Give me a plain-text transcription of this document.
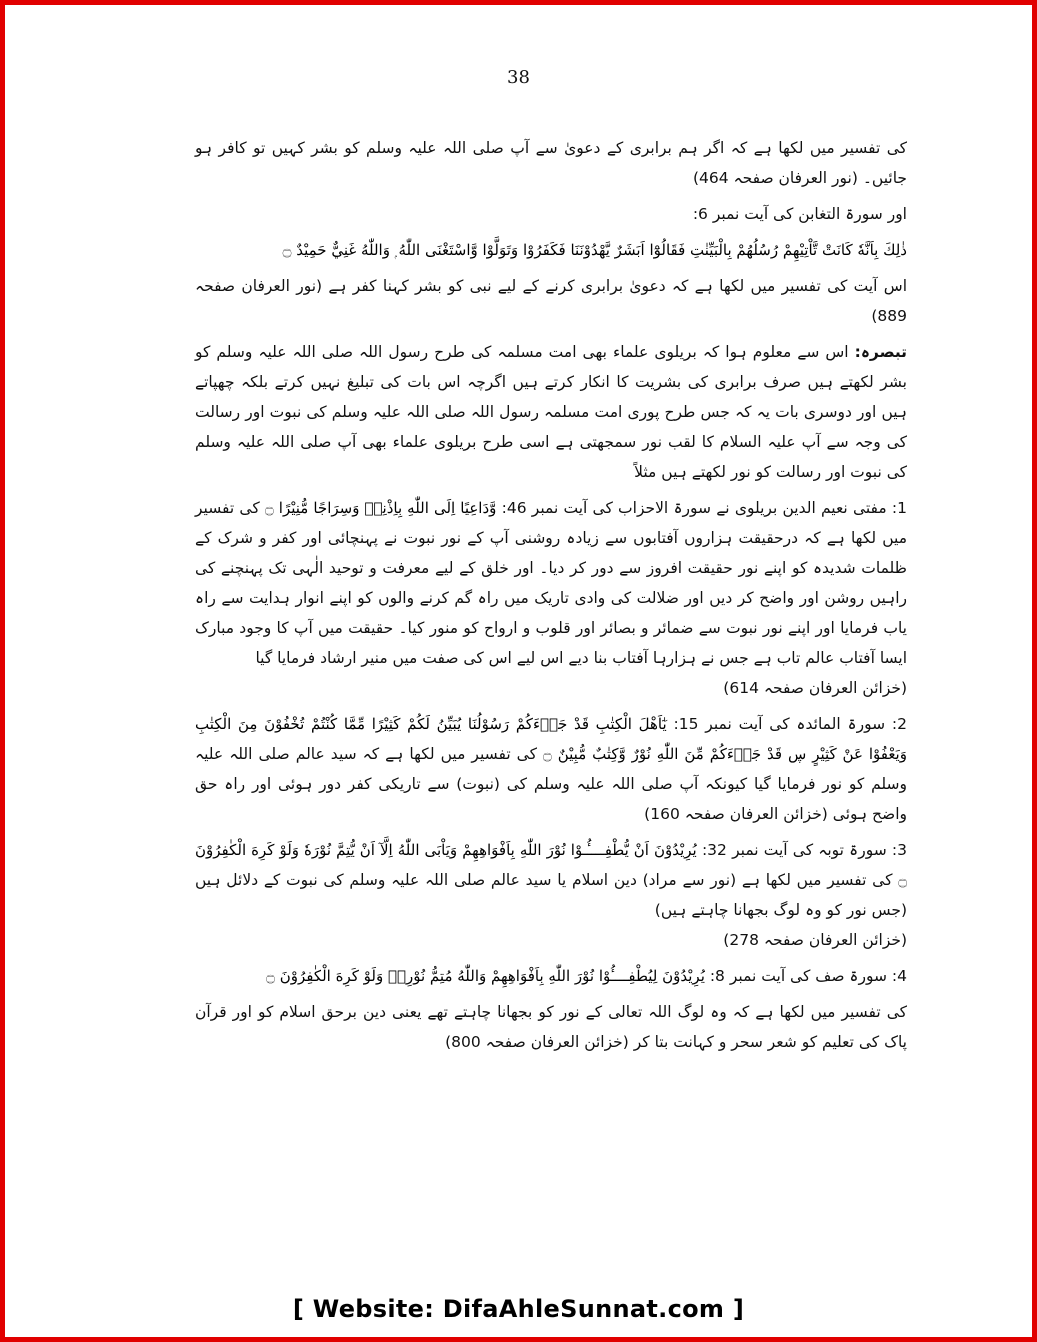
38

کی تفسیر میں لکھا ہے کہ اگر ہم برابری کے دعویٰ سے آپ صلی اللہ علیہ وسلم کو بشر کہیں تو کافر ہو جائیں۔ (نور العرفان صفحہ 464)

اور سورۃ التغابن کی آیت نمبر 6:

ذٰلِكَ بِاَنَّهٗ كَانَتْ تَّاْتِيْهِمْ رُسُلُهُمْ بِالْبَيِّنٰتِ فَقَالُوْٓا اَبَشَرٌ يَّهْدُوْنَنَا فَكَفَرُوْا وَتَوَلَّوْا وَّاسْتَغْنَى اللّٰهُ ۭ وَاللّٰهُ غَنِيٌّ حَمِيْدٌ ۝

اس آیت کی تفسیر میں لکھا ہے کہ دعویٰ برابری کرنے کے لیے نبی کو بشر کہنا کفر ہے (نور العرفان صفحہ 889)

تبصرہ: اس سے معلوم ہوا کہ بریلوی علماء بھی امت مسلمہ کی طرح رسول اللہ صلی اللہ علیہ وسلم کو بشر لکھتے ہیں صرف برابری کی بشریت کا انکار کرتے ہیں اگرچہ اس بات کی تبلیغ نہیں کرتے بلکہ چھپاتے ہیں اور دوسری بات یہ کہ جس طرح پوری امت مسلمہ رسول اللہ صلی اللہ علیہ وسلم کی نبوت اور رسالت کی وجہ سے آپ علیہ السلام کا لقب نور سمجھتی ہے اسی طرح بریلوی علماء بھی آپ صلی اللہ علیہ وسلم کی نبوت اور رسالت کو نور لکھتے ہیں مثلاً

1: مفتی نعیم الدین بریلوی نے سورۃ الاحزاب کی آیت نمبر 46: وَّدَاعِيًا اِلَى اللّٰهِ بِاِذْنِهٖ وَسِرَاجًا مُّنِيْرًا ۝ کی تفسیر میں لکھا ہے کہ درحقیقت ہزاروں آفتابوں سے زیادہ روشنی آپ کے نور نبوت نے پہنچائی اور کفر و شرک کے ظلمات شدیدہ کو اپنے نور حقیقت افروز سے دور کر دیا۔ اور خلق کے لیے معرفت و توحید الٰہی تک پہنچنے کی راہیں روشن اور واضح کر دیں اور ضلالت کی وادی تاریک میں راہ گم کرنے والوں کو اپنے انوار ہدایت سے راہ یاب فرمایا اور اپنے نور نبوت سے ضمائر و بصائر اور قلوب و ارواح کو منور کیا۔ حقیقت میں آپ کا وجود مبارک ایسا آفتاب عالم تاب ہے جس نے ہزارہا آفتاب بنا دیے اس لیے اس کی صفت میں منیر ارشاد فرمایا گیا
(خزائن العرفان صفحہ 614)

2: سورۃ المائدہ کی آیت نمبر 15: يٰٓاَهْلَ الْكِتٰبِ قَدْ جَاۗءَكُمْ رَسُوْلُنَا يُبَيِّنُ لَكُمْ كَثِيْرًا مِّمَّا كُنْتُمْ تُخْفُوْنَ مِنَ الْكِتٰبِ وَيَعْفُوْا عَنْ كَثِيْرٍ ڛ قَدْ جَاۗءَكُمْ مِّنَ اللّٰهِ نُوْرٌ وَّكِتٰبٌ مُّبِيْنٌ ۝ کی تفسیر میں لکھا ہے کہ سید عالم صلی اللہ علیہ وسلم کو نور فرمایا گیا کیونکہ آپ صلی اللہ علیہ وسلم کی (نبوت) سے تاریکی کفر دور ہوئی اور راہ حق واضح ہوئی (خزائن العرفان صفحہ 160)

3: سورۃ توبہ کی آیت نمبر 32: يُرِيْدُوْنَ اَنْ يُّطْفِــــُٔـوْا نُوْرَ اللّٰهِ بِاَفْوَاهِهِمْ وَيَاْبَى اللّٰهُ اِلَّآ اَنْ يُّتِمَّ نُوْرَهٗ وَلَوْ كَرِهَ الْكٰفِرُوْنَ ۝ کی تفسیر میں لکھا ہے (نور سے مراد) دین اسلام یا سید عالم صلی اللہ علیہ وسلم کی نبوت کے دلائل ہیں (جس نور کو وہ لوگ بجھانا چاہتے ہیں)
(خزائن العرفان صفحہ 278)

4: سورۃ صف کی آیت نمبر 8: يُرِيْدُوْنَ لِيُطْفِــــُٔوْا نُوْرَ اللّٰهِ بِاَفْوَاهِهِمْ وَاللّٰهُ مُتِمُّ نُوْرِهٖ وَلَوْ كَرِهَ الْكٰفِرُوْنَ ۝

کی تفسیر میں لکھا ہے کہ وہ لوگ اللہ تعالی کے نور کو بجھانا چاہتے تھے یعنی دین برحق اسلام کو اور قرآن پاک کی تعلیم کو شعر سحر و کہانت بتا کر (خزائن العرفان صفحہ 800)

[ Website: DifaAhleSunnat.com ]
